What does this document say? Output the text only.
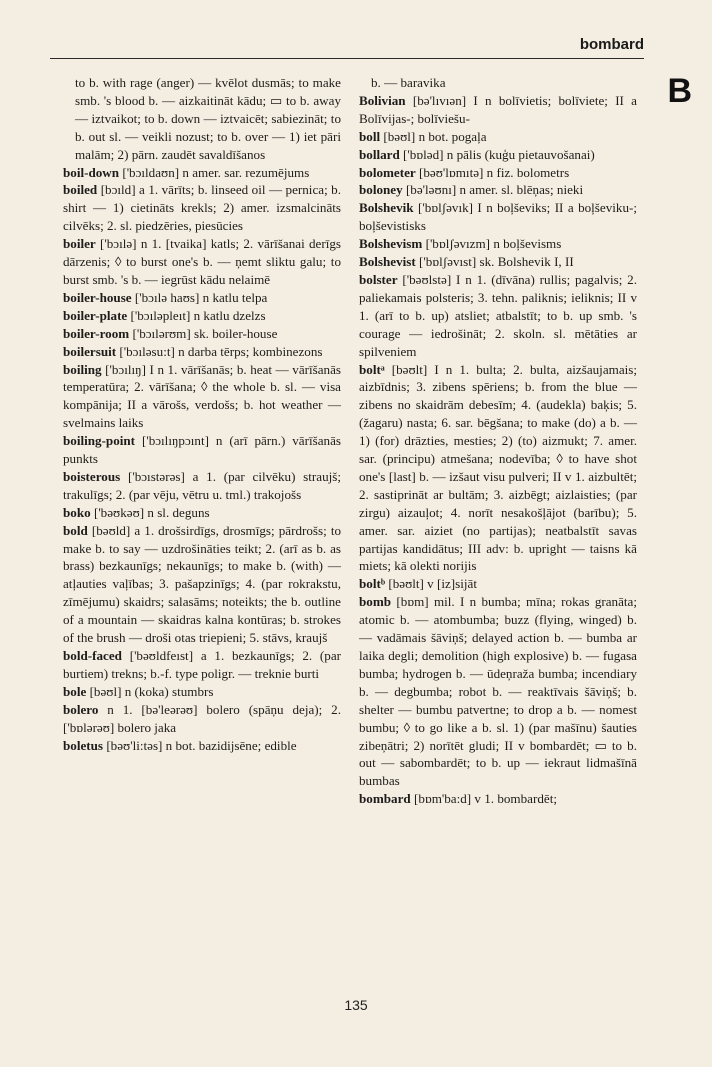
bombard
B

to b. with rage (anger) — kvēlot dusmās; to make smb. 's blood b. — aizkaitināt kādu; ▭ to b. away — iztvaikot; to b. down — iztvaicēt; sabiezināt; to b. out sl. — veikli nozust; to b. over — 1) iet pāri malām; 2) pārn. zaudēt savaldīšanos

boil-down ['bɔıldaʊn] n amer. sar. rezumējums

boiled [bɔıld] a 1. vārīts; b. linseed oil — pernica; b. shirt — 1) cietināts krekls; 2) amer. izsmalcināts cilvēks; 2. sl. piedzēries, piesūcies

boiler ['bɔılə] n 1. [tvaika] katls; 2. vārīšanai derīgs dārzenis; ◊ to burst one's b. — ņemt sliktu galu; to burst smb. 's b. — iegrūst kādu nelaimē

boiler-house ['bɔılə haʊs] n katlu telpa

boiler-plate ['bɔıləpleıt] n katlu dzelzs

boiler-room ['bɔılərʊm] sk. boiler-house

boilersuit ['bɔıləsu:t] n darba tērps; kombinezons

boiling ['bɔılıŋ] I n 1. vārīšanās; b. heat — vārīšanās temperatūra; 2. vārīšana; ◊ the whole b. sl. — visa kompānija; II a vārošs, verdošs; b. hot weather — svelmains laiks

boiling-point ['bɔılıŋpɔınt] n (arī pārn.) vārīšanās punkts

boisterous ['bɔıstərəs] a 1. (par cilvēku) straujš; trakulīgs; 2. (par vēju, vētru u. tml.) trakojošs

boko ['bəʊkəʊ] n sl. deguns

bold [bəʊld] a 1. drošsirdīgs, drosmīgs; pārdrošs; to make b. to say — uzdrošināties teikt; 2. (arī as b. as brass) bezkaunīgs; nekaunīgs; to make b. (with) — atļauties vaļības; 3. pašapzinīgs; 4. (par rokrakstu, zīmējumu) skaidrs; salasāms; noteikts; the b. outline of a mountain — skaidras kalna kontūras; b. strokes of the brush — droši otas triepieni; 5. stāvs, kraujš

bold-faced ['bəʊldfeıst] a 1. bezkaunīgs; 2. (par burtiem) trekns; b.-f. type poligr. — treknie burti

bole [bəʊl] n (koka) stumbrs

bolero n 1. [bə'leərəʊ] bolero (spāņu deja); 2. ['bɒlərəʊ] bolero jaka

boletus [bəʊ'li:təs] n bot. bazidijsēne; edible

b. — baravika

Bolivian [bə'lıvıən] I n bolīvietis; bolīviete; II a Bolīvijas-; bolīviešu-

boll [bəʊl] n bot. pogaļa

bollard ['bɒləd] n pālis (kuģu pietauvošanai)

bolometer [bəʊ'lɒmıtə] n fiz. bolometrs

boloney [bə'ləʊnı] n amer. sl. blēņas; nieki

Bolshevik ['bɒlʃəvık] I n boļševiks; II a boļševiku-; boļševistisks

Bolshevism ['bɒlʃəvızm] n boļševisms

Bolshevist ['bɒlʃəvıst] sk. Bolshevik I, II

bolster ['bəʊlstə] I n 1. (dīvāna) rullis; pagalvis; 2. paliekamais polsteris; 3. tehn. paliknis; ieliknis; II v 1. (arī to b. up) atsliet; atbalstīt; to b. up smb. 's courage — iedrošināt; 2. skoln. sl. mētāties ar spilveniem

boltᵃ [bəʊlt] I n 1. bulta; 2. bulta, aizšaujamais; aizbīdnis; 3. zibens spēriens; b. from the blue — zibens no skaidrām debesīm; 4. (audekla) baķis; 5. (žagaru) nasta; 6. sar. bēgšana; to make (do) a b. — 1) (for) drāzties, mesties; 2) (to) aizmukt; 7. amer. sar. (principu) atmešana; nodevība; ◊ to have shot one's [last] b. — izšaut visu pulveri; II v 1. aizbultēt; 2. sastiprināt ar bultām; 3. aizbēgt; aizlaisties; (par zirgu) aizauļot; 4. norīt nesakošļājot (barību); 5. amer. sar. aiziet (no partijas); neatbalstīt savas partijas kandidātus; III adv: b. upright — taisns kā miets; kā olekti norijis

boltᵇ [bəʊlt] v [iz]sijāt

bomb [bɒm] mil. I n bumba; mīna; rokas granāta; atomic b. — atombumba; buzz (flying, winged) b. — vadāmais šāviņš; delayed action b. — bumba ar laika degli; demolition (high explosive) b. — fugasa bumba; hydrogen b. — ūdeņraža bumba; incendiary b. — degbumba; robot b. — reaktīvais šāviņš; b. shelter — bumbu patvertne; to drop a b. — nomest bumbu; ◊ to go like a b. sl. 1) (par mašīnu) šauties zibeņātri; 2) norītēt gludi; II v bombardēt; ▭ to b. out — sabombardēt; to b. up — iekraut lidmašīnā bumbas

bombard [bɒm'ba:d] v 1. bombardēt;

135
